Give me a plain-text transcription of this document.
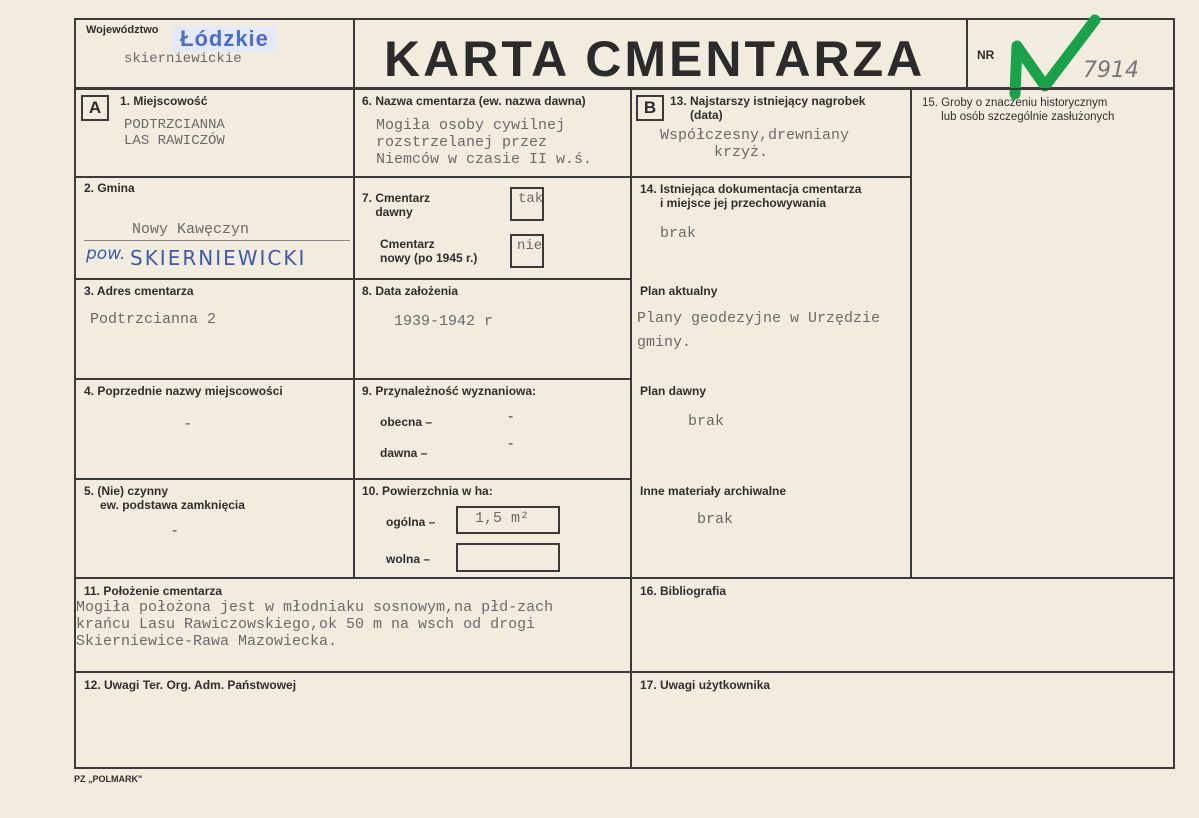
Województwo Łódzkie
skierniewickie	KARTA CMENTARZA	NR
7914
A	B
1. Miejscowość
PODTRZCIANNA
LAS RAWICZÓW
2. Gmina
Nowy Kawęczyn
pow. SKIERNIEWICKI
3. Adres cmentarza
Podtrzcianna 2
4. Poprzednie nazwy miejscowości
-
5. (Nie) czynny
ew. podstawa zamknięcia
-
6. Nazwa cmentarza (ew. nazwa dawna)
Mogiła osoby cywilnej
rozstrzelanej przez
Niemców w czasie II w.ś.
7. Cmentarz
dawny
tak
Cmentarz
nowy (po 1945 r.)
nie
8. Data założenia
1939-1942 r
9. Przynależność wyznaniowa:
obecna –	-
dawna –
-
10. Powierzchnia w ha:
ogólna –	1,5 m²
wolna –
13. Najstarszy istniejący nagrobek
(data)
Współczesny,drewniany
krzyż.
14. Istniejąca dokumentacja cmentarza
i miejsce jej przechowywania
brak
Plan aktualny
Plany geodezyjne w Urzędzie
gminy.
Plan dawny
brak
Inne materiały archiwalne
brak
15. Groby o znaczeniu historycznym
lub osób szczególnie zasłużonych
11. Położenie cmentarza
Mogiła położona jest w młodniaku sosnowym,na płd-zach
krańcu Lasu Rawiczowskiego,ok 50 m na wsch od drogi
Skierniewice-Rawa Mazowiecka.
16. Bibliografia
12. Uwagi Ter. Org. Adm. Państwowej	17. Uwagi użytkownika
PZ „POLMARK"
